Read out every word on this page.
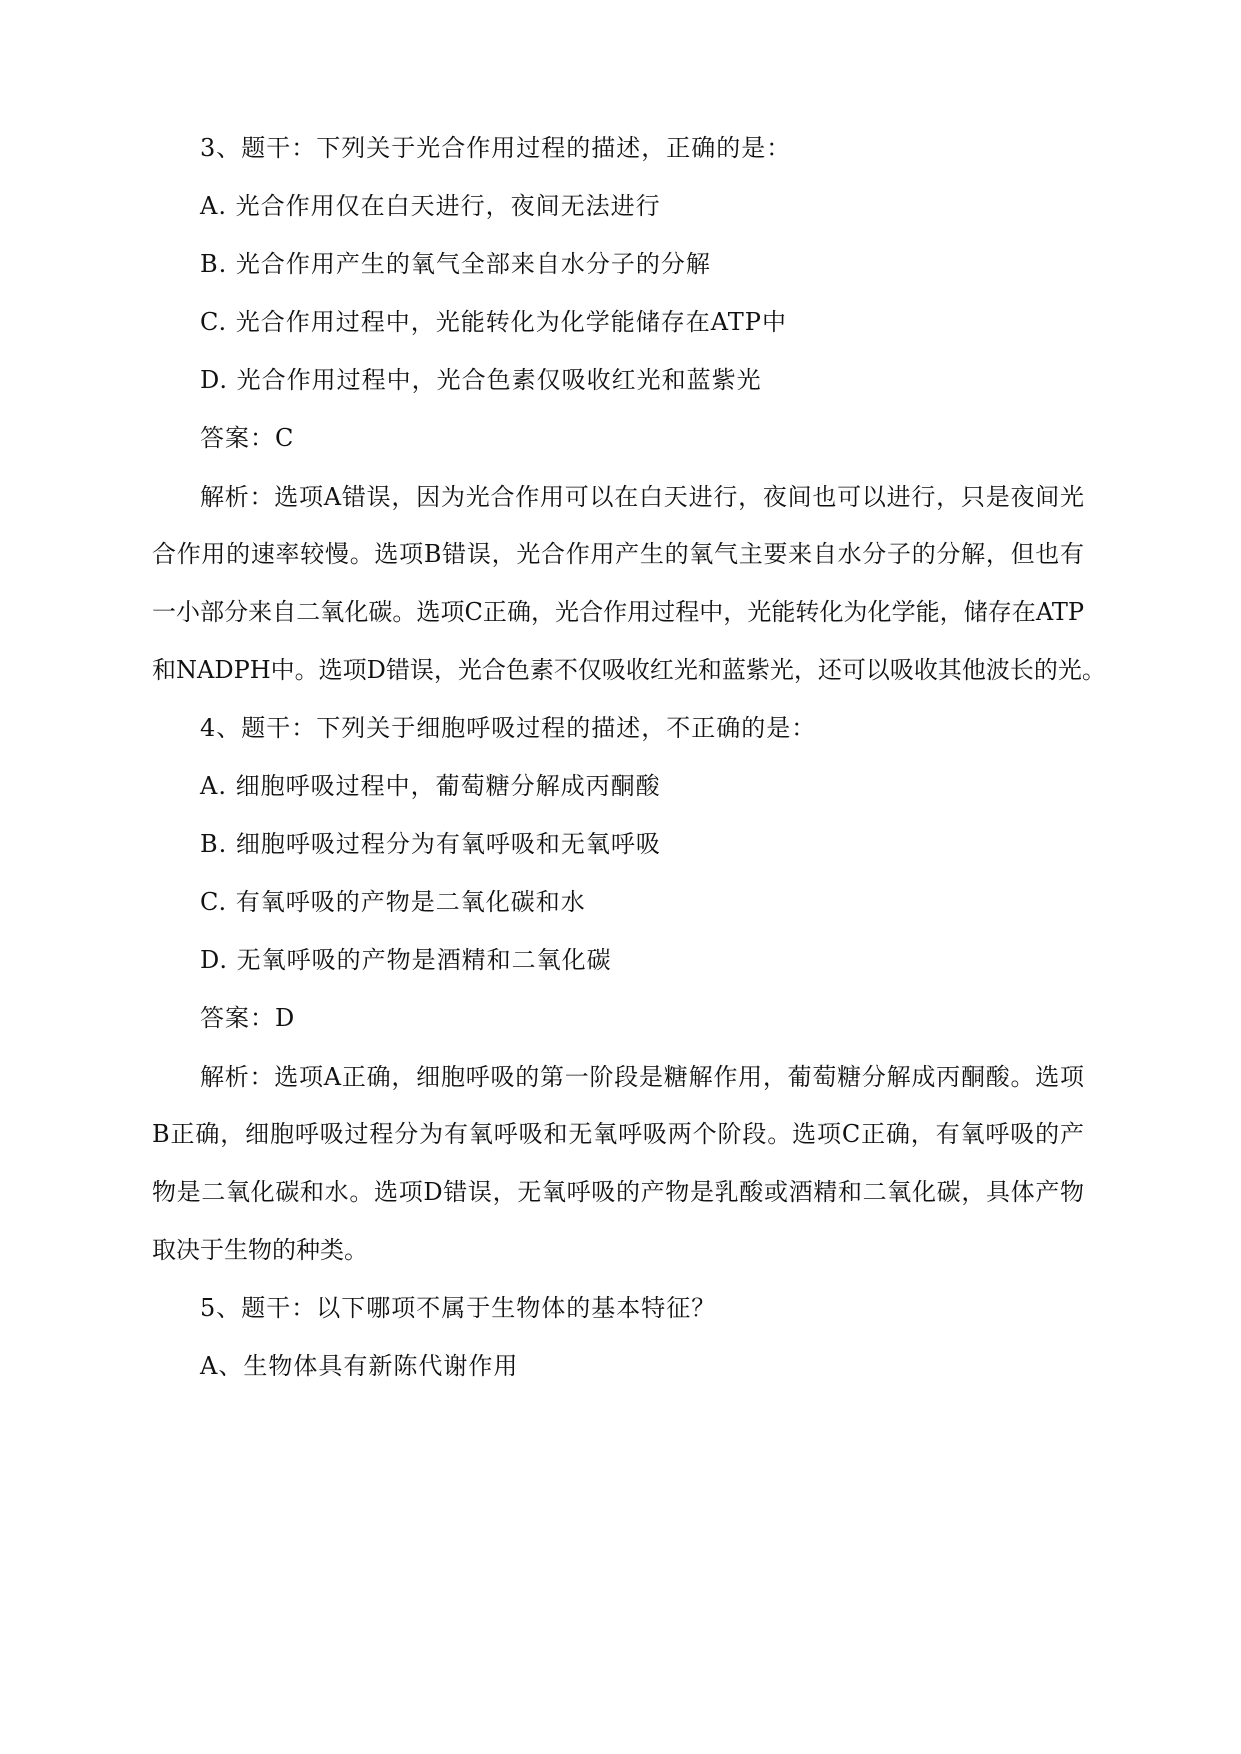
3、题干：下列关于光合作用过程的描述，正确的是：
A. 光合作用仅在白天进行，夜间无法进行
B. 光合作用产生的氧气全部来自水分子的分解
C. 光合作用过程中，光能转化为化学能储存在ATP中
D. 光合作用过程中，光合色素仅吸收红光和蓝紫光
答案：C
解析：选项A错误，因为光合作用可以在白天进行，夜间也可以进行，只是夜间光
合作用的速率较慢。选项B错误，光合作用产生的氧气主要来自水分子的分解，但也有
一小部分来自二氧化碳。选项C正确，光合作用过程中，光能转化为化学能，储存在ATP
和NADPH中。选项D错误，光合色素不仅吸收红光和蓝紫光，还可以吸收其他波长的光。
4、题干：下列关于细胞呼吸过程的描述，不正确的是：
A. 细胞呼吸过程中，葡萄糖分解成丙酮酸
B. 细胞呼吸过程分为有氧呼吸和无氧呼吸
C. 有氧呼吸的产物是二氧化碳和水
D. 无氧呼吸的产物是酒精和二氧化碳
答案：D
解析：选项A正确，细胞呼吸的第一阶段是糖解作用，葡萄糖分解成丙酮酸。选项
B正确，细胞呼吸过程分为有氧呼吸和无氧呼吸两个阶段。选项C正确，有氧呼吸的产
物是二氧化碳和水。选项D错误，无氧呼吸的产物是乳酸或酒精和二氧化碳，具体产物
取决于生物的种类。
5、题干：以下哪项不属于生物体的基本特征？
A、生物体具有新陈代谢作用
